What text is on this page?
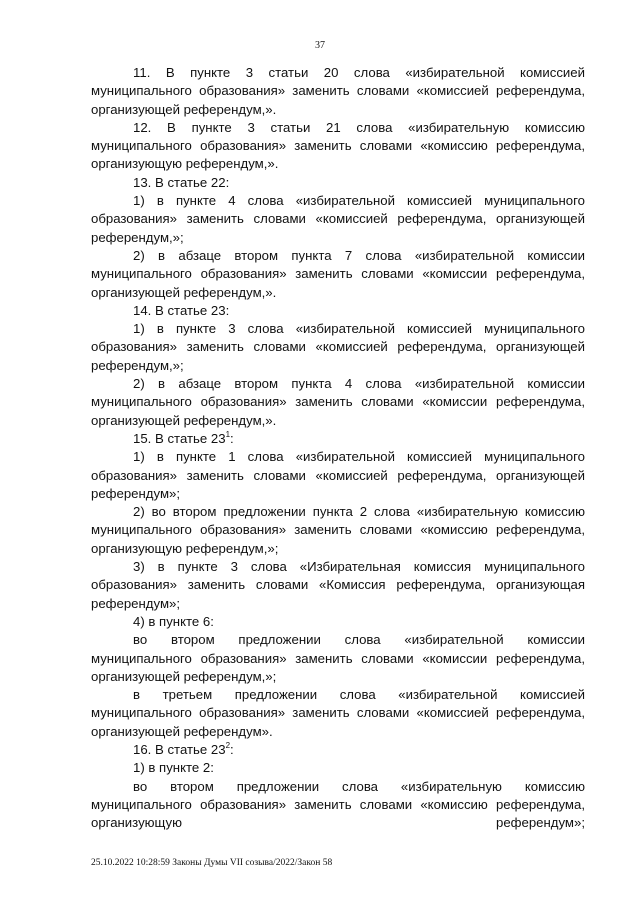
37

11. В пункте 3 статьи 20 слова «избирательной комиссией муниципального образования» заменить словами «комиссией референдума, организующей референдум,».

12. В пункте 3 статьи 21 слова «избирательную комиссию муниципального образования» заменить словами «комиссию референдума, организующую референдум,».

13. В статье 22:

1) в пункте 4 слова «избирательной комиссией муниципального образования» заменить словами «комиссией референдума, организующей референдум,»;

2) в абзаце втором пункта 7 слова «избирательной комиссии муниципального образования» заменить словами «комиссии референдума, организующей референдум,».

14. В статье 23:

1) в пункте 3 слова «избирательной комиссией муниципального образования» заменить словами «комиссией референдума, организующей референдум,»;

2) в абзаце втором пункта 4 слова «избирательной комиссии муниципального образования» заменить словами «комиссии референдума, организующей референдум,».

15. В статье $23^1$:

1) в пункте 1 слова «избирательной комиссией муниципального образования» заменить словами «комиссией референдума, организующей референдум»;

2) во втором предложении пункта 2 слова «избирательную комиссию муниципального образования» заменить словами «комиссию референдума, организующую референдум,»;

3) в пункте 3 слова «Избирательная комиссия муниципального образования» заменить словами «Комиссия референдума, организующая референдум»;

4) в пункте 6:

во втором предложении слова «избирательной комиссии муниципального образования» заменить словами «комиссии референдума, организующей референдум,»;

в третьем предложении слова «избирательной комиссией муниципального образования» заменить словами «комиссией референдума, организующей референдум».

16. В статье $23^2$:

1) в пункте 2:

во втором предложении слова «избирательную комиссию муниципального образования» заменить словами «комиссию референдума, организующую референдум»;

25.10.2022 10:28:59 Законы Думы VII созыва/2022/Закон 58
